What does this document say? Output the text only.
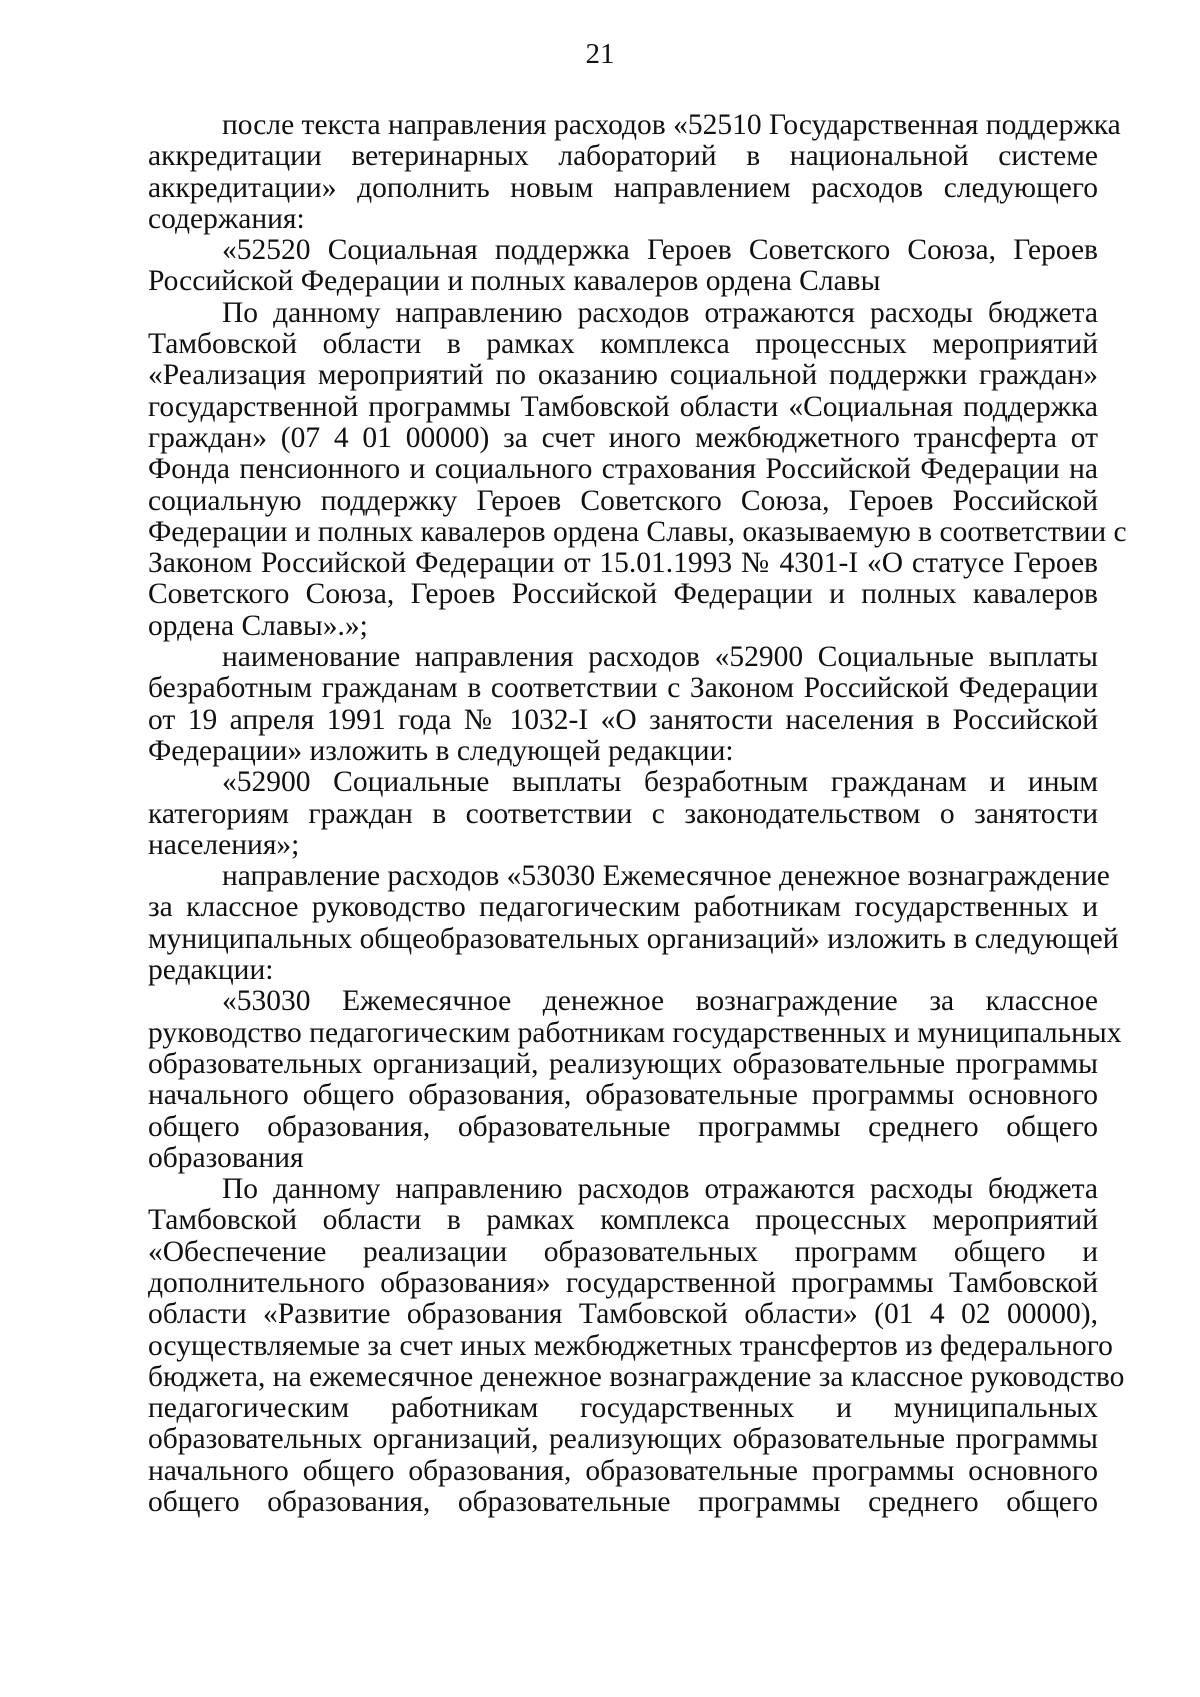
21
после текста направления расходов «52510 Государственная поддержка
аккредитации ветеринарных лабораторий в национальной системе
аккредитации» дополнить новым направлением расходов следующего
содержания:
«52520 Социальная поддержка Героев Советского Союза, Героев
Российской Федерации и полных кавалеров ордена Славы
По данному направлению расходов отражаются расходы бюджета
Тамбовской области в рамках комплекса процессных мероприятий
«Реализация мероприятий по оказанию социальной поддержки граждан»
государственной программы Тамбовской области «Социальная поддержка
граждан» (07 4 01 00000) за счет иного межбюджетного трансферта от
Фонда пенсионного и социального страхования Российской Федерации на
социальную поддержку Героев Советского Союза, Героев Российской
Федерации и полных кавалеров ордена Славы, оказываемую в соответствии с
Законом Российской Федерации от 15.01.1993 № 4301-I «О статусе Героев
Советского Союза, Героев Российской Федерации и полных кавалеров
ордена Славы».»;
наименование направления расходов «52900 Социальные выплаты
безработным гражданам в соответствии с Законом Российской Федерации
от 19 апреля 1991 года № 1032-I «О занятости населения в Российской
Федерации» изложить в следующей редакции:
«52900 Социальные выплаты безработным гражданам и иным
категориям граждан в соответствии с законодательством о занятости
населения»;
направление расходов «53030 Ежемесячное денежное вознаграждение
за классное руководство педагогическим работникам государственных и
муниципальных общеобразовательных организаций» изложить в следующей
редакции:
«53030 Ежемесячное денежное вознаграждение за классное
руководство педагогическим работникам государственных и муниципальных
образовательных организаций, реализующих образовательные программы
начального общего образования, образовательные программы основного
общего образования, образовательные программы среднего общего
образования
По данному направлению расходов отражаются расходы бюджета
Тамбовской области в рамках комплекса процессных мероприятий
«Обеспечение реализации образовательных программ общего и
дополнительного образования» государственной программы Тамбовской
области «Развитие образования Тамбовской области» (01 4 02 00000),
осуществляемые за счет иных межбюджетных трансфертов из федерального
бюджета, на ежемесячное денежное вознаграждение за классное руководство
педагогическим работникам государственных и муниципальных
образовательных организаций, реализующих образовательные программы
начального общего образования, образовательные программы основного
общего образования, образовательные программы среднего общего
